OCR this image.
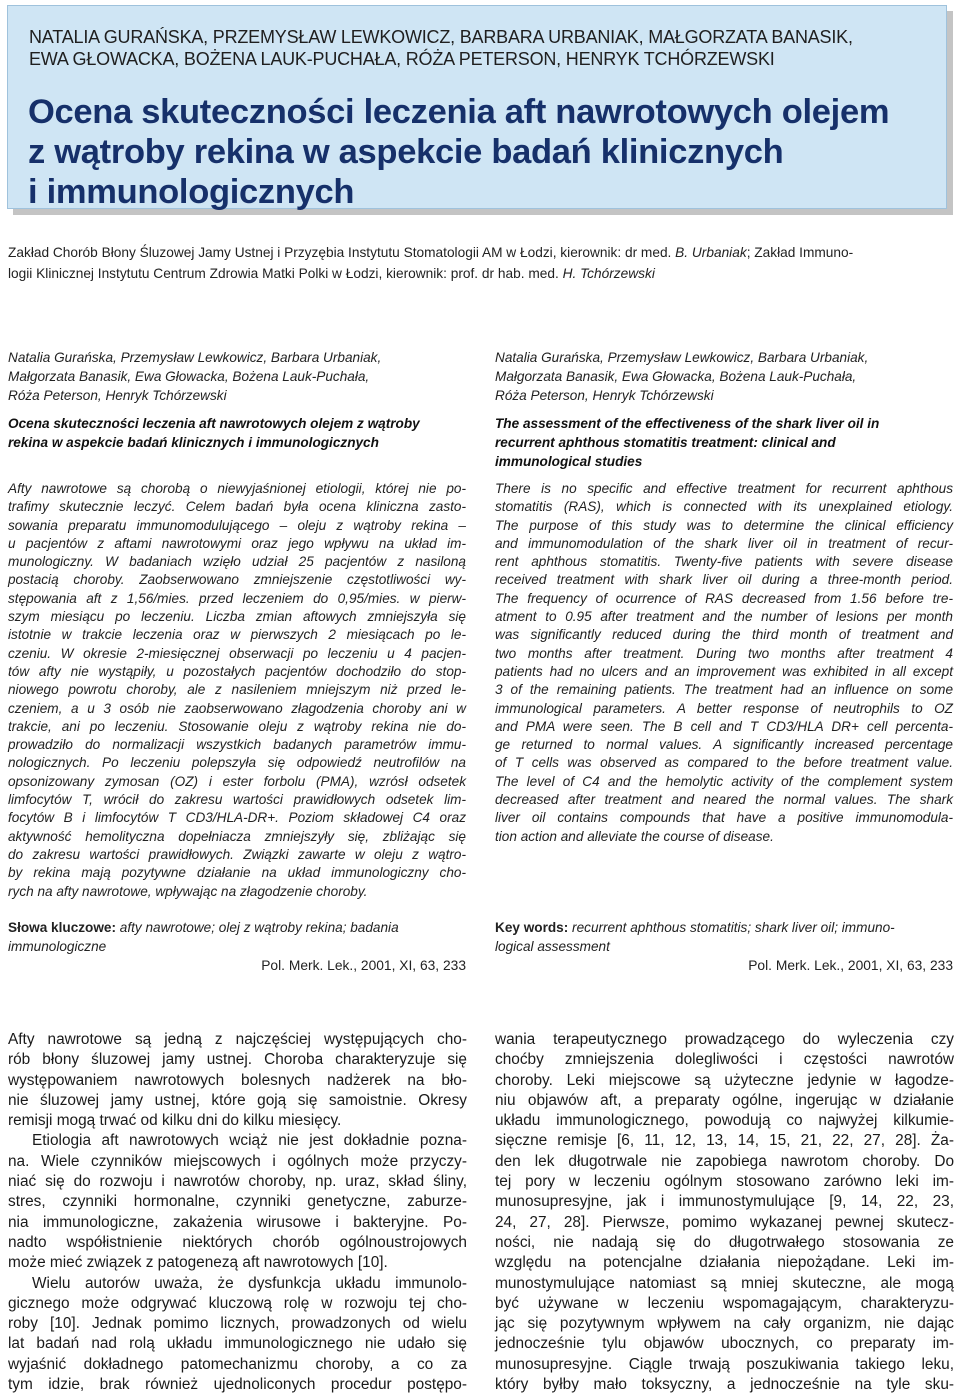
NATALIA GURAŃSKA, PRZEMYSŁAW LEWKOWICZ, BARBARA URBANIAK, MAŁGORZATA BANASIK,
EWA GŁOWACKA, BOŻENA LAUK-PUCHAŁA, RÓŻA PETERSON, HENRYK TCHÓRZEWSKI
Ocena skuteczności leczenia aft nawrotowych olejem
z wątroby rekina w aspekcie badań klinicznych
i immunologicznych
Zakład Chorób Błony Śluzowej Jamy Ustnej i Przyzębia Instytutu Stomatologii AM w Łodzi, kierownik: dr med. B. Urbaniak; Zakład Immuno-
logii Klinicznej Instytutu Centrum Zdrowia Matki Polki w Łodzi, kierownik: prof. dr hab. med. H. Tchórzewski
Natalia Gurańska, Przemysław Lewkowicz, Barbara Urbaniak,
Małgorzata Banasik, Ewa Głowacka, Bożena Lauk-Puchała,
Róża Peterson, Henryk Tchórzewski
Ocena skuteczności leczenia aft nawrotowych olejem z wątroby
rekina w aspekcie badań klinicznych i immunologicznych
Afty nawrotowe są chorobą o niewyjaśnionej etiologii, której nie po-
trafimy skutecznie leczyć. Celem badań była ocena kliniczna zasto-
sowania preparatu immunomodulującego – oleju z wątroby rekina –
u pacjentów z aftami nawrotowymi oraz jego wpływu na układ im-
munologiczny. W badaniach wzięło udział 25 pacjentów z nasiloną
postacią choroby. Zaobserwowano zmniejszenie częstotliwości wy-
stępowania aft z 1,56/mies. przed leczeniem do 0,95/mies. w pierw-
szym miesiącu po leczeniu. Liczba zmian aftowych zmniejszyła się
istotnie w trakcie leczenia oraz w pierwszych 2 miesiącach po le-
czeniu. W okresie 2-miesięcznej obserwacji po leczeniu u 4 pacjen-
tów afty nie wystąpiły, u pozostałych pacjentów dochodziło do stop-
niowego powrotu choroby, ale z nasileniem mniejszym niż przed le-
czeniem, a u 3 osób nie zaobserwowano złagodzenia choroby ani w
trakcie, ani po leczeniu. Stosowanie oleju z wątroby rekina nie do-
prowadziło do normalizacji wszystkich badanych parametrów immu-
nologicznych. Po leczeniu polepszyła się odpowiedź neutrofilów na
opsonizowany zymosan (OZ) i ester forbolu (PMA), wzrósł odsetek
limfocytów T, wrócił do zakresu wartości prawidłowych odsetek lim-
focytów B i limfocytów T CD3/HLA-DR+. Poziom składowej C4 oraz
aktywność hemolityczna dopełniacza zmniejszyły się, zbliżając się
do zakresu wartości prawidłowych. Związki zawarte w oleju z wątro-
by rekina mają pozytywne działanie na układ immunologiczny cho-
rych na afty nawrotowe, wpływając na złagodzenie choroby.
Słowa kluczowe: afty nawrotowe; olej z wątroby rekina; badania
immunologiczne
Pol. Merk. Lek., 2001, XI, 63, 233
Natalia Gurańska, Przemysław Lewkowicz, Barbara Urbaniak,
Małgorzata Banasik, Ewa Głowacka, Bożena Lauk-Puchała,
Róża Peterson, Henryk Tchórzewski
The assessment of the effectiveness of the shark liver oil in
recurrent aphthous stomatitis treatment: clinical and
immunological studies
There is no specific and effective treatment for recurrent aphthous
stomatitis (RAS), which is connected with its unexplained etiology.
The purpose of this study was to determine the clinical efficiency
and immunomodulation of the shark liver oil in treatment of recur-
rent aphthous stomatitis. Twenty-five patients with severe disease
received treatment with shark liver oil during a three-month period.
The frequency of ocurrence of RAS decreased from 1.56 before tre-
atment to 0.95 after treatment and the number of lesions per month
was significantly reduced during the third month of treatment and
two months after treatment. During two months after treatment 4
patients had no ulcers and an improvement was exhibited in all except
3 of the remaining patients. The treatment had an influence on some
immunological parameters. A better response of neutrophils to OZ
and PMA were seen. The B cell and T CD3/HLA DR+ cell percenta-
ge returned to normal values. A significantly increased percentage
of T cells was observed as compared to the before treatment value.
The level of C4 and the hemolytic activity of the complement system
decreased after treatment and neared the normal values. The shark
liver oil contains compounds that have a positive immunomodula-
tion action and alleviate the course of disease.
Key words: recurrent aphthous stomatitis; shark liver oil; immuno-
logical assessment
Pol. Merk. Lek., 2001, XI, 63, 233
Afty nawrotowe są jedną z najczęściej występujących cho-
rób błony śluzowej jamy ustnej. Choroba charakteryzuje się
występowaniem nawrotowych bolesnych nadżerek na bło-
nie śluzowej jamy ustnej, które goją się samoistnie. Okresy
remisji mogą trwać od kilku dni do kilku miesięcy.
Etiologia aft nawrotowych wciąż nie jest dokładnie pozna-
na. Wiele czynników miejscowych i ogólnych może przyczy-
niać się do rozwoju i nawrotów choroby, np. uraz, skład śliny,
stres, czynniki hormonalne, czynniki genetyczne, zaburze-
nia immunologiczne, zakażenia wirusowe i bakteryjne. Po-
nadto współistnienie niektórych chorób ogólnoustrojowych
może mieć związek z patogenezą aft nawrotowych [10].
Wielu autorów uważa, że dysfunkcja układu immunolo-
gicznego może odgrywać kluczową rolę w rozwoju tej cho-
roby [10]. Jednak pomimo licznych, prowadzonych od wielu
lat badań nad rolą układu immunologicznego nie udało się
wyjaśnić dokładnego patomechanizmu choroby, a co za
tym idzie, brak również ujednoliconych procedur postępo-
wania terapeutycznego prowadzącego do wyleczenia czy
choćby zmniejszenia dolegliwości i częstości nawrotów
choroby. Leki miejscowe są użyteczne jedynie w łagodze-
niu objawów aft, a preparaty ogólne, ingerując w działanie
układu immunologicznego, powodują co najwyżej kilkumie-
sięczne remisje [6, 11, 12, 13, 14, 15, 21, 22, 27, 28]. Ża-
den lek długotrwale nie zapobiega nawrotom choroby. Do
tej pory w leczeniu ogólnym stosowano zarówno leki im-
munosupresyjne, jak i immunostymulujące [9, 14, 22, 23,
24, 27, 28]. Pierwsze, pomimo wykazanej pewnej skutecz-
ności, nie nadają się do długotrwałego stosowania ze
względu na potencjalne działania niepożądane. Leki im-
munostymulujące natomiast są mniej skuteczne, ale mogą
być używane w leczeniu wspomagającym, charakteryzu-
jąc się pozytywnym wpływem na cały organizm, nie dając
jednocześnie tylu objawów ubocznych, co preparaty im-
munosupresyjne. Ciągle trwają poszukiwania takiego leku,
który byłby mało toksyczny, a jednocześnie na tyle sku-
